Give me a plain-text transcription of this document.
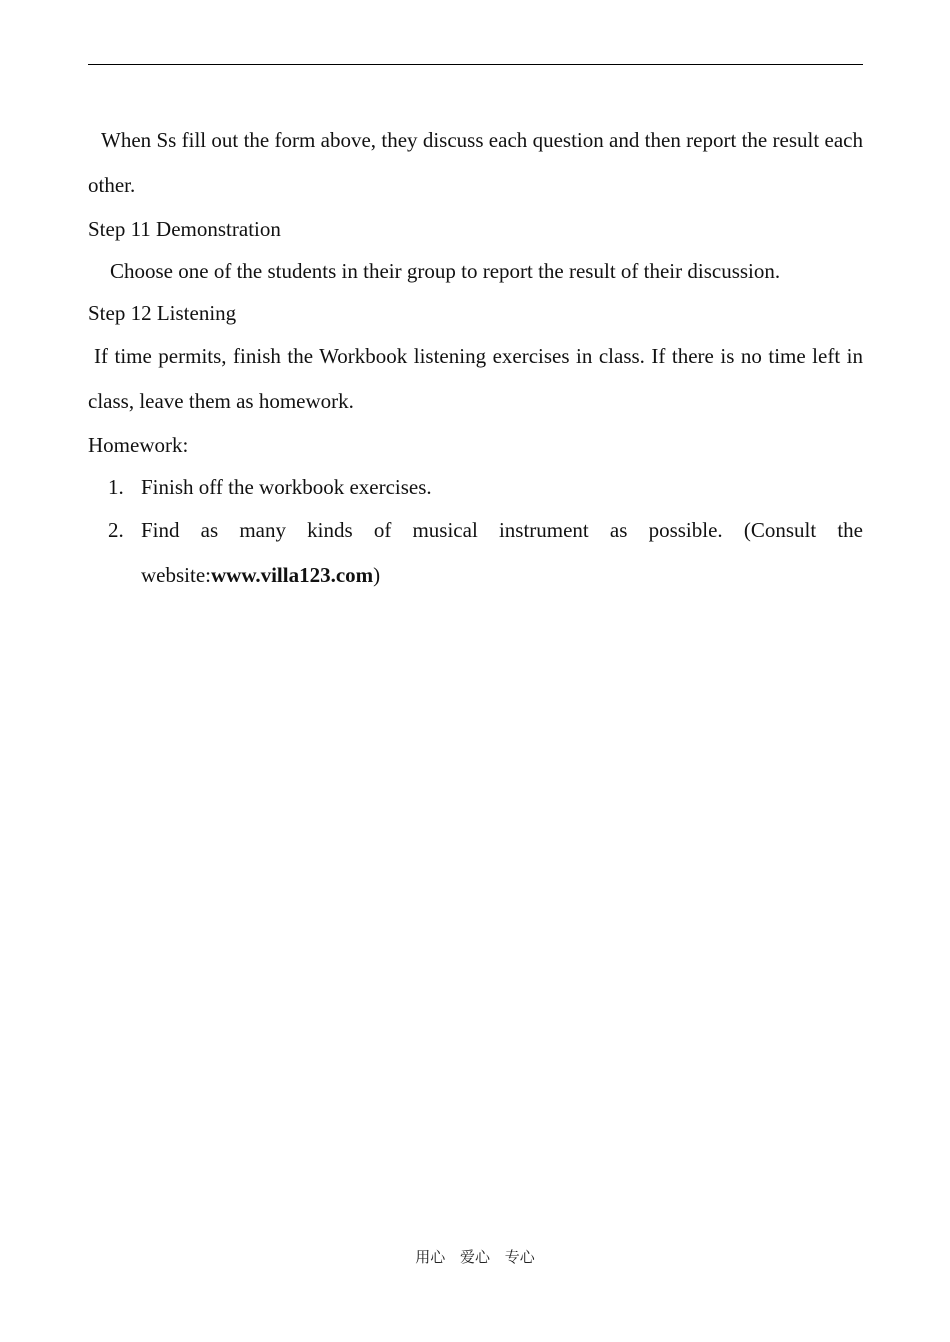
When Ss fill out the form above, they discuss each question and then report the result each other.

Step 11 Demonstration

Choose one of the students in their group to report the result of their discussion.

Step 12 Listening

If time permits, finish the Workbook listening exercises in class. If there is no time left in class, leave them as homework.

Homework:

1. Finish off the workbook exercises.
2. Find as many kinds of musical instrument as possible. (Consult the website:www.villa123.com)
用心 爱心 专心
